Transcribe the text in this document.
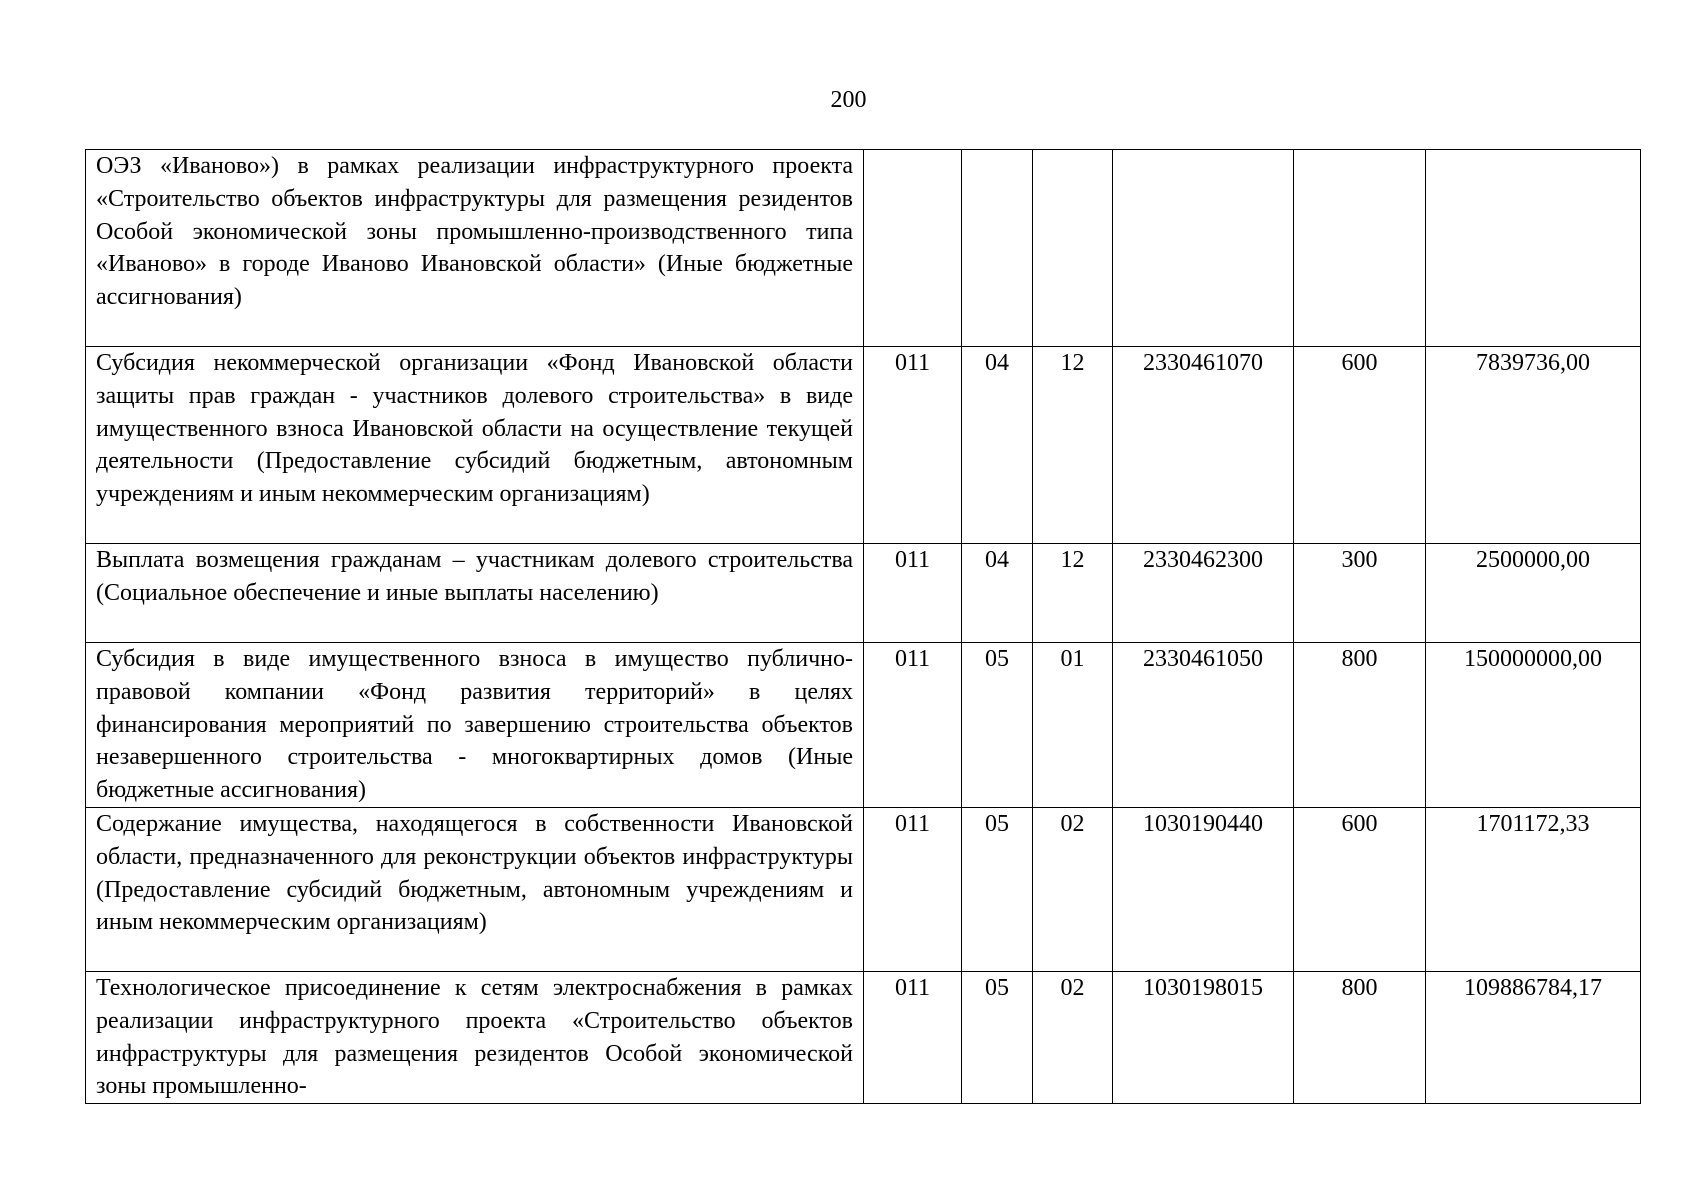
200
ОЭЗ «Иваново») в рамках реализации инфраструктурного проекта «Строительство объектов инфраструктуры для размещения резидентов Особой экономической зоны промышленно-производственного типа «Иваново» в городе Иваново Ивановской области» (Иные бюджетные ассигнования)						
Субсидия некоммерческой организации «Фонд Ивановской области защиты прав граждан - участников долевого строительства» в виде имущественного взноса Ивановской области на осуществление текущей деятельности (Предоставление субсидий бюджетным, автономным учреждениям и иным некоммерческим организациям)	011	04	12	2330461070	600	7839736,00
Выплата возмещения гражданам – участникам долевого строительства (Социальное обеспечение и иные выплаты населению)	011	04	12	2330462300	300	2500000,00
Субсидия в виде имущественного взноса в имущество публично-правовой компании «Фонд развития территорий» в целях финансирования мероприятий по завершению строительства объектов незавершенного строительства - многоквартирных домов (Иные бюджетные ассигнования)	011	05	01	2330461050	800	150000000,00
Содержание имущества, находящегося в собственности Ивановской области, предназначенного для реконструкции объектов инфраструктуры (Предоставление субсидий бюджетным, автономным учреждениям и иным некоммерческим организациям)	011	05	02	1030190440	600	1701172,33
Технологическое присоединение к сетям электроснабжения в рамках реализации инфраструктурного проекта «Строительство объектов инфраструктуры для размещения резидентов Особой экономической зоны промышленно-	011	05	02	1030198015	800	109886784,17
